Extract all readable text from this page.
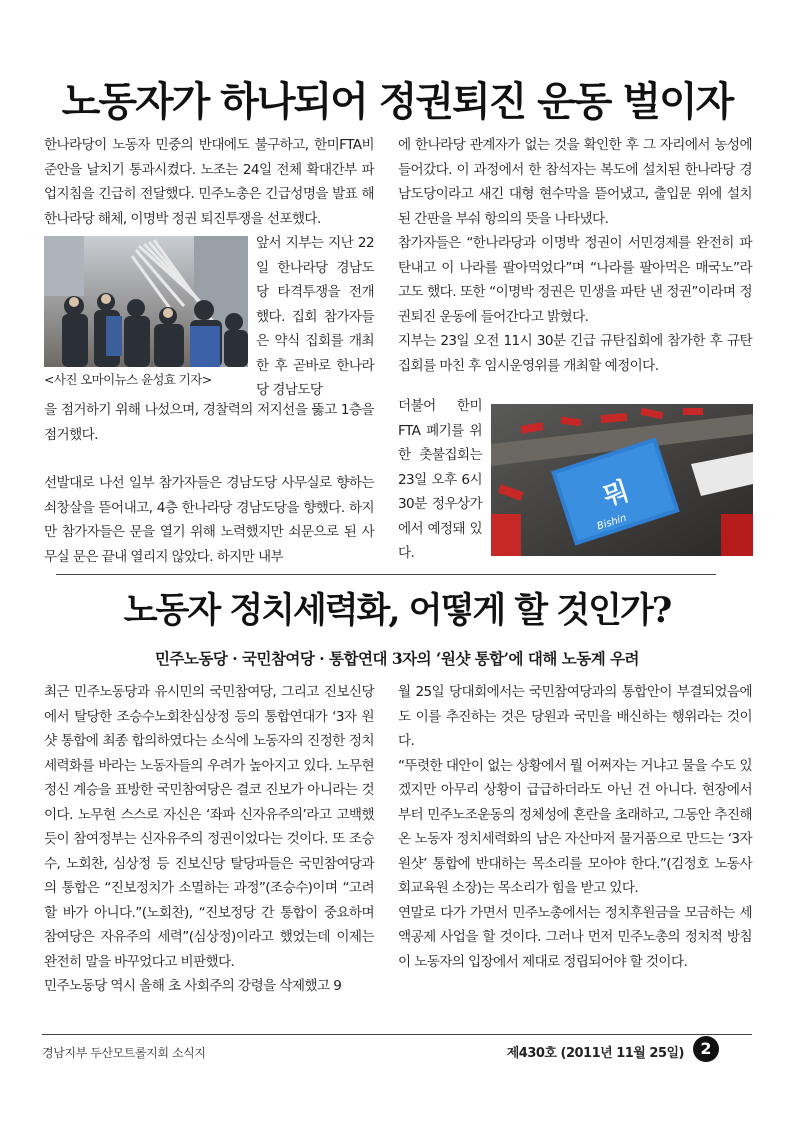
노동자가 하나되어 정권퇴진 운동 벌이자

한나라당이 노동자 민중의 반대에도 불구하고, 한미FTA비준안을 날치기 통과시켰다. 노조는 24일 전체 확대간부 파업지침을 긴급히 전달했다. 민주노총은 긴급성명을 발표 해 한나라당 해체, 이명박 정권 퇴진투쟁을 선포했다.

<사진 오마이뉴스 윤성효 기자>

앞서 지부는 지난 22일 한나라당 경남도당 타격투쟁을 전개했다. 집회 참가자들은 약식 집회를 개최한 후 곧바로 한나라당 경남도당

을 점거하기 위해 나섰으며, 경찰력의 저지선을 뚫고 1층을 점거했다.

선발대로 나선 일부 참가자들은 경남도당 사무실로 향하는 쇠창살을 뜯어내고, 4층 한나라당 경남도당을 향했다. 하지만 참가자들은 문을 열기 위해 노력했지만 쇠문으로 된 사무실 문은 끝내 열리지 않았다. 하지만 내부

에 한나라당 관계자가 없는 것을 확인한 후 그 자리에서 농성에 들어갔다. 이 과정에서 한 참석자는 복도에 설치된 한나라당 경남도당이라고 새긴 대형 현수막을 뜯어냈고, 출입문 위에 설치된 간판을 부숴 항의의 뜻을 나타냈다.

참가자들은 “한나라당과 이명박 정권이 서민경제를 완전히 파탄내고 이 나라를 팔아먹었다”며 “나라를 팔아먹은 매국노”라고도 했다. 또한 “이명박 정권은 민생을 파탄 낸 정권”이라며 정권퇴진 운동에 들어간다고 밝혔다.

지부는 23일 오전 11시 30분 긴급 규탄집회에 참가한 후 규탄집회를 마친 후 임시운영위를 개최할 예정이다.

뭐
Bishin

더불어 한미 FTA 폐기를 위한 촛불집회는 23일 오후 6시30분 정우상가에서 예정돼 있다.

노동자 정치세력화, 어떻게 할 것인가?
민주노동당 · 국민참여당 · 통합연대 3자의 ‘원샷 통합’에 대해 노동계 우려

최근 민주노동당과 유시민의 국민참여당, 그리고 진보신당에서 탈당한 조승수노회찬심상정 등의 통합연대가 ‘3자 원샷 통합에 최종 합의하였다는 소식에 노동자의 진정한 정치세력화를 바라는 노동자들의 우려가 높아지고 있다. 노무현 정신 계승을 표방한 국민참여당은 결코 진보가 아니라는 것이다. 노무현 스스로 자신은 ‘좌파 신자유주의’라고 고백했듯이 참여정부는 신자유주의 정권이었다는 것이다. 또 조승수, 노회찬, 심상정 등 진보신당 탈당파들은 국민참여당과의 통합은 “진보정치가 소멸하는 과정”(조승수)이며 “고려할 바가 아니다.”(노회찬), “진보정당 간 통합이 중요하며 참여당은 자유주의 세력”(심상정)이라고 했었는데 이제는 완전히 말을 바꾸었다고 비판했다.

민주노동당 역시 올해 초 사회주의 강령을 삭제했고 9

월 25일 당대회에서는 국민참여당과의 통합안이 부결되었음에도 이를 추진하는 것은 당원과 국민을 배신하는 행위라는 것이다.

“뚜렷한 대안이 없는 상황에서 뭘 어쩌자는 거냐고 물을 수도 있겠지만 아무리 상황이 급급하더라도 아닌 건 아니다. 현장에서부터 민주노조운동의 정체성에 혼란을 초래하고, 그동안 추진해온 노동자 정치세력화의 남은 자산마저 물거품으로 만드는 ‘3자 원샷’ 통합에 반대하는 목소리를 모아야 한다.”(김정호 노동사회교육원 소장)는 목소리가 힘을 받고 있다.

연말로 다가 가면서 민주노총에서는 정치후원금을 모금하는 세액공제 사업을 할 것이다. 그러나 먼저 민주노총의 정치적 방침이 노동자의 입장에서 제대로 정립되어야 할 것이다.

경남지부 두산모트롤지회 소식지	제430호 (2011년 11월 25일)	2
